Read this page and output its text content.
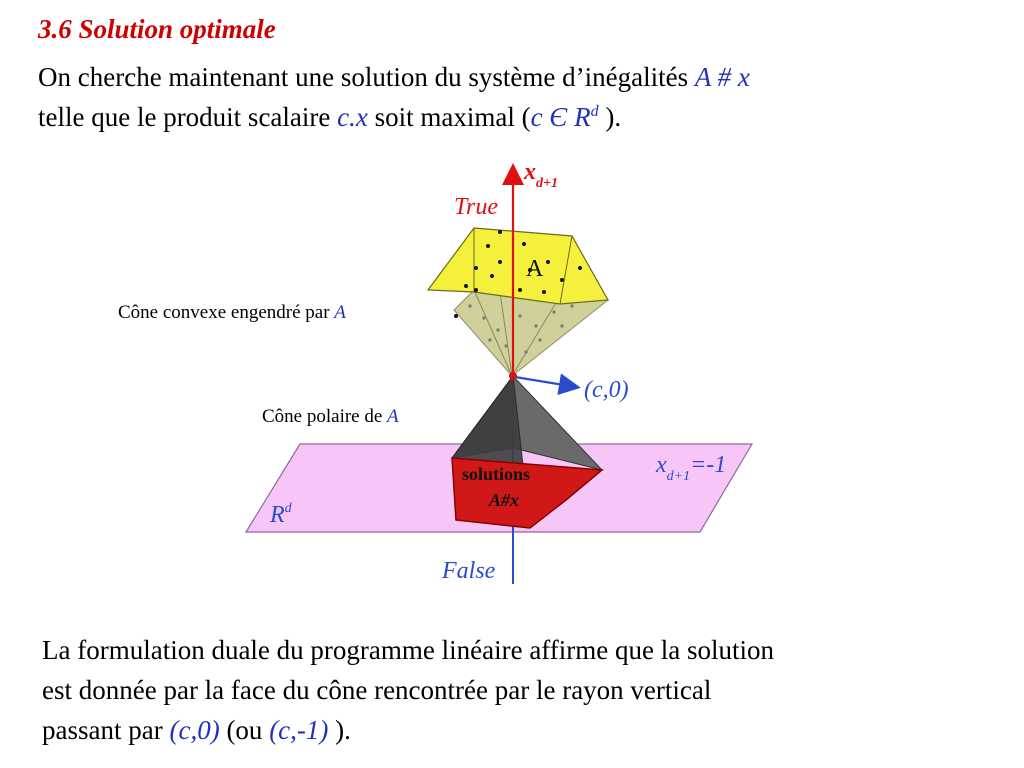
3.6 Solution optimale
On cherche maintenant une solution du système d’inégalités A # x
telle que le produit scalaire c.x soit maximal (c Є $R^d$ ).
$x_{d+1}$
True
A
(c,0)
$x_{d+1}=-1$
$R^d$
solutions
A#x
False
Cône convexe engendré par A
Cône polaire de A
La formulation duale du programme linéaire affirme que la solution
est donnée par la face du cône rencontrée par le rayon vertical
passant par (c,0) (ou (c,-1) ).
